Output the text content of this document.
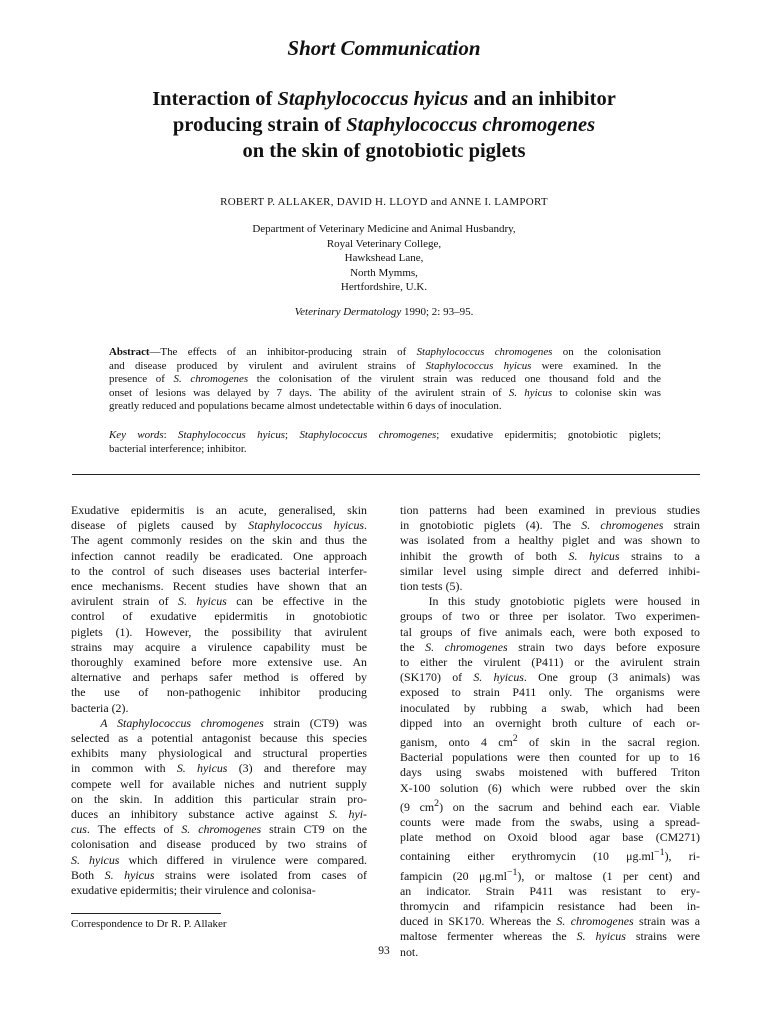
Short Communication
Interaction of Staphylococcus hyicus and an inhibitor
producing strain of Staphylococcus chromogenes
on the skin of gnotobiotic piglets
ROBERT P. ALLAKER, DAVID H. LLOYD and ANNE I. LAMPORT
Department of Veterinary Medicine and Animal Husbandry,
Royal Veterinary College,
Hawkshead Lane,
North Mymms,
Hertfordshire, U.K.
Veterinary Dermatology 1990; 2: 93–95.
Abstract—The effects of an inhibitor-producing strain of Staphylococcus chromogenes on the colonisation
and disease produced by virulent and avirulent strains of Staphylococcus hyicus were examined. In the
presence of S. chromogenes the colonisation of the virulent strain was reduced one thousand fold and the
onset of lesions was delayed by 7 days. The ability of the avirulent strain of S. hyicus to colonise skin was
greatly reduced and populations became almost undetectable within 6 days of inoculation.
Key words: Staphylococcus hyicus; Staphylococcus chromogenes; exudative epidermitis; gnotobiotic piglets;
bacterial interference; inhibitor.
Exudative epidermitis is an acute, generalised, skin
disease of piglets caused by Staphylococcus hyicus.
The agent commonly resides on the skin and thus the
infection cannot readily be eradicated. One approach
to the control of such diseases uses bacterial interfer-
ence mechanisms. Recent studies have shown that an
avirulent strain of S. hyicus can be effective in the
control of exudative epidermitis in gnotobiotic
piglets (1). However, the possibility that avirulent
strains may acquire a virulence capability must be
thoroughly examined before more extensive use. An
alternative and perhaps safer method is offered by
the use of non-pathogenic inhibitor producing
bacteria (2).
A Staphylococcus chromogenes strain (CT9) was
selected as a potential antagonist because this species
exhibits many physiological and structural properties
in common with S. hyicus (3) and therefore may
compete well for available niches and nutrient supply
on the skin. In addition this particular strain pro-
duces an inhibitory substance active against S. hyi-
cus. The effects of S. chromogenes strain CT9 on the
colonisation and disease produced by two strains of
S. hyicus which differed in virulence were compared.
Both S. hyicus strains were isolated from cases of
exudative epidermitis; their virulence and colonisa-
tion patterns had been examined in previous studies
in gnotobiotic piglets (4). The S. chromogenes strain
was isolated from a healthy piglet and was shown to
inhibit the growth of both S. hyicus strains to a
similar level using simple direct and deferred inhibi-
tion tests (5).
In this study gnotobiotic piglets were housed in
groups of two or three per isolator. Two experimen-
tal groups of five animals each, were both exposed to
the S. chromogenes strain two days before exposure
to either the virulent (P411) or the avirulent strain
(SK170) of S. hyicus. One group (3 animals) was
exposed to strain P411 only. The organisms were
inoculated by rubbing a swab, which had been
dipped into an overnight broth culture of each or-
ganism, onto 4 $cm^2$ of skin in the sacral region.
Bacterial populations were then counted for up to 16
days using swabs moistened with buffered Triton
X-100 solution (6) which were rubbed over the skin
(9 $cm^2$) on the sacrum and behind each ear. Viable
counts were made from the swabs, using a spread-
plate method on Oxoid blood agar base (CM271)
containing either erythromycin (10 $\mu g.ml^{-1}$), ri-
fampicin (20 $\mu g.ml^{-1}$), or maltose (1 per cent) and
an indicator. Strain P411 was resistant to ery-
thromycin and rifampicin resistance had been in-
duced in SK170. Whereas the S. chromogenes strain was a
maltose fermenter whereas the S. hyicus strains were
not.
Correspondence to Dr R. P. Allaker
93
